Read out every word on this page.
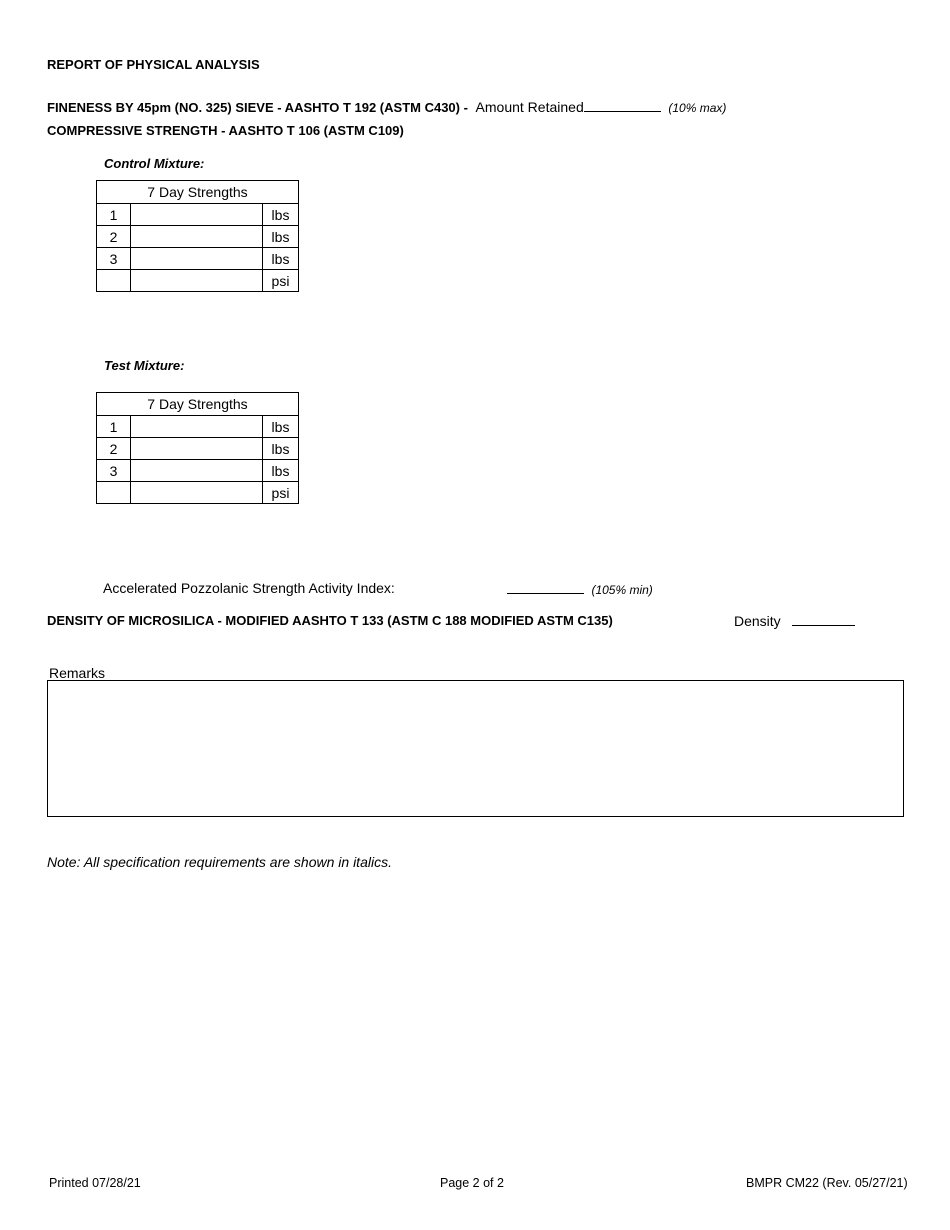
REPORT OF PHYSICAL ANALYSIS
FINENESS BY 45pm (NO. 325) SIEVE - AASHTO T 192 (ASTM C430) - Amount Retained	(10% max)
COMPRESSIVE STRENGTH - AASHTO T 106 (ASTM C109)
Control Mixture:
7 Day Strengths		
1		lbs
2		lbs
3		lbs
		psi
Test Mixture:
7 Day Strengths		
1		lbs
2		lbs
3		lbs
		psi
Accelerated Pozzolanic Strength Activity Index:	(105% min)
DENSITY OF MICROSILICA - MODIFIED AASHTO T 133 (ASTM C 188 MODIFIED ASTM C135)	Density
Remarks
Note: All specification requirements are shown in italics.
Printed 07/28/21	Page 2 of 2	BMPR CM22 (Rev. 05/27/21)
